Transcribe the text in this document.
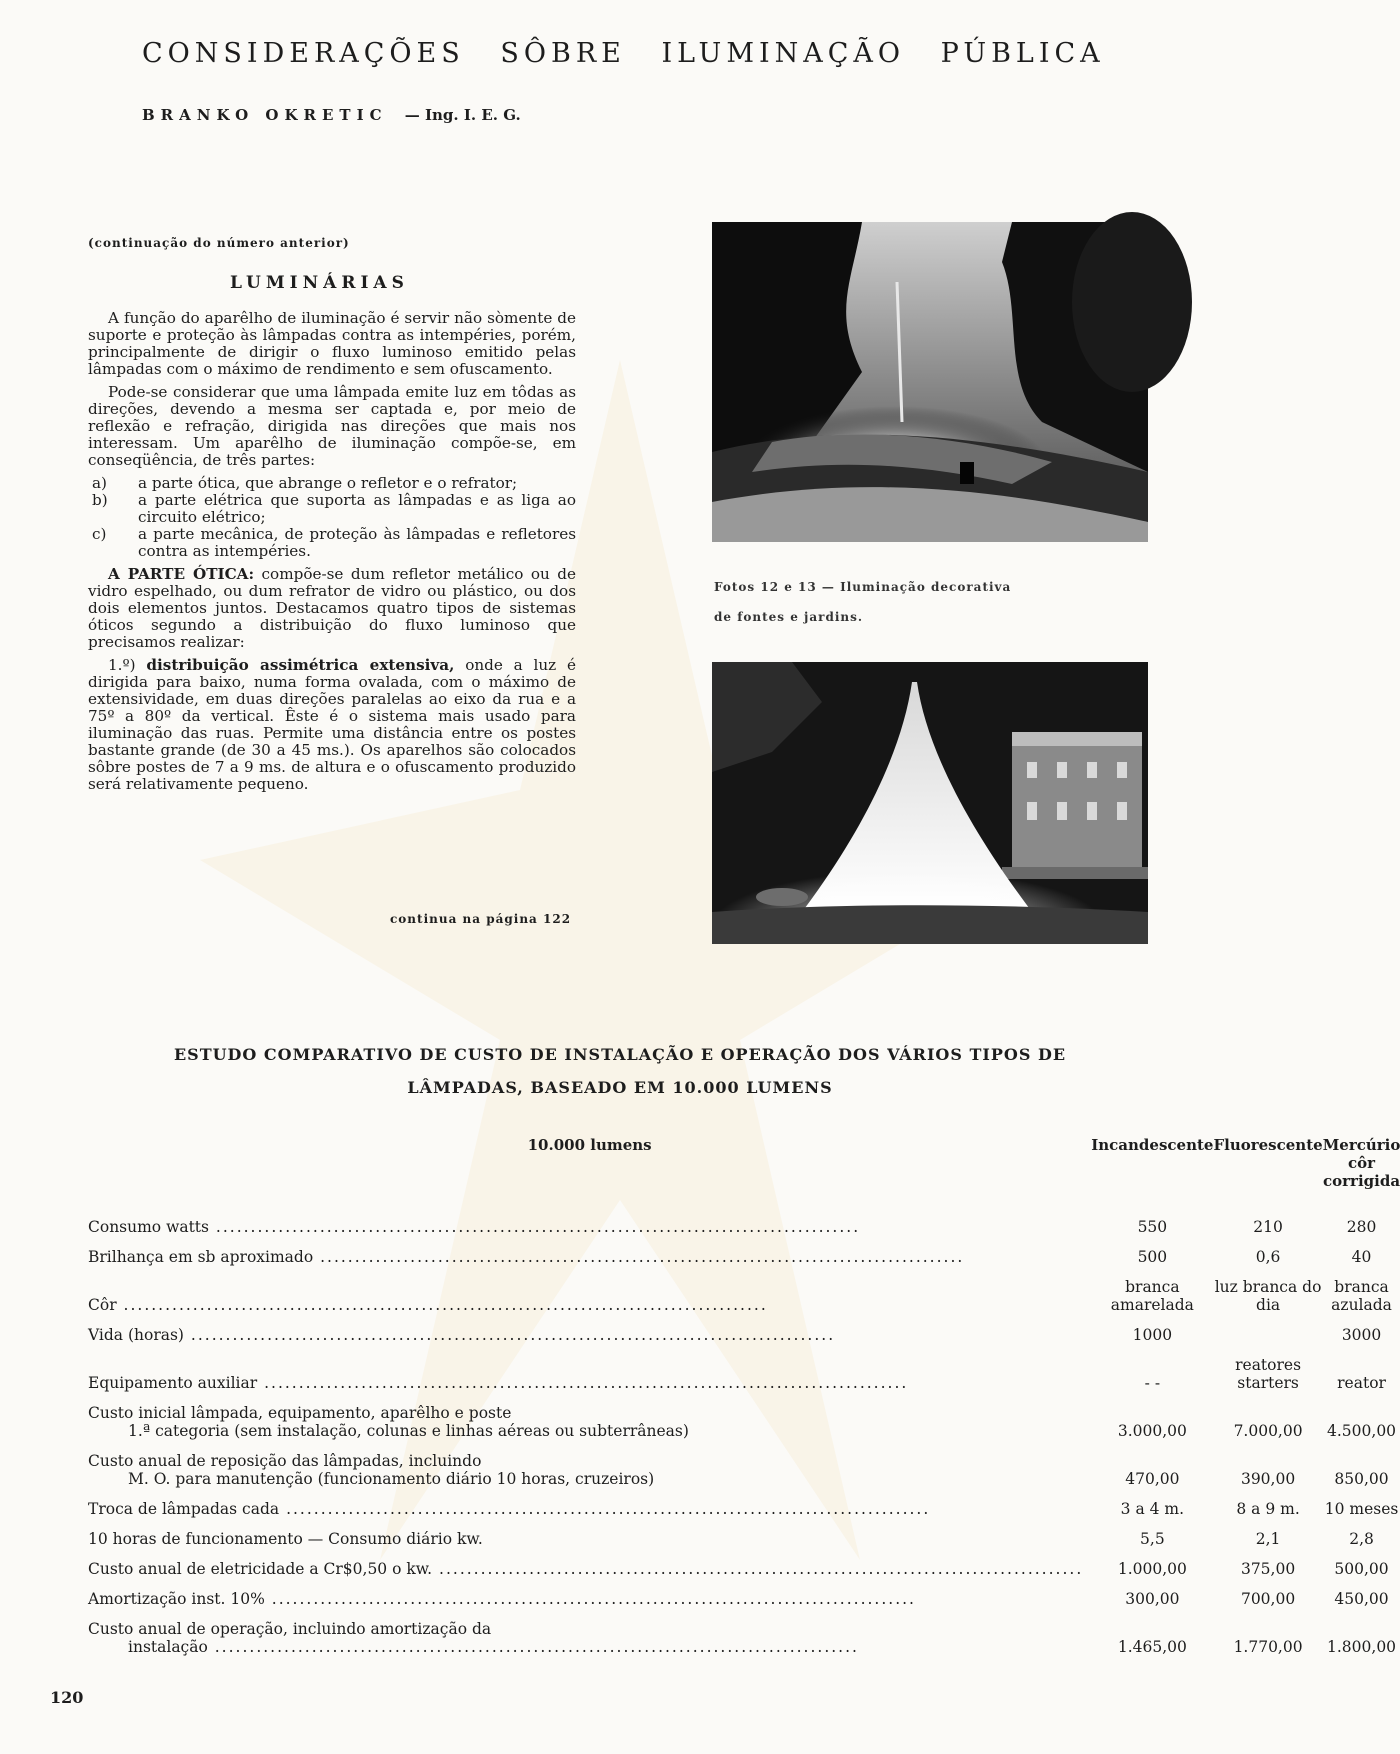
CONSIDERAÇÕES SÔBRE ILUMINAÇÃO PÚBLICA
BRANKO OKRETIC — Ing. I. E. G.
(continuação do número anterior)
LUMINÁRIAS

A função do aparêlho de iluminação é servir não sòmente de suporte e proteção às lâmpadas contra as intempéries, porém, principalmente de dirigir o fluxo luminoso emitido pelas lâmpadas com o máximo de rendimento e sem ofuscamento.

Pode-se considerar que uma lâmpada emite luz em tôdas as direções, devendo a mesma ser captada e, por meio de reflexão e refração, dirigida nas direções que mais nos interessam. Um aparêlho de iluminação compõe-se, em conseqüência, de três partes:

a)	a parte ótica, que abrange o refletor e o refrator;
b)	a parte elétrica que suporta as lâmpadas e as liga ao circuito elétrico;
c)	a parte mecânica, de proteção às lâmpadas e refletores contra as intempéries.

A PARTE ÓTICA: compõe-se dum refletor metálico ou de vidro espelhado, ou dum refrator de vidro ou plástico, ou dos dois elementos juntos. Destacamos quatro tipos de sistemas óticos segundo a distribuição do fluxo luminoso que precisamos realizar:

1.º) distribuição assimétrica extensiva, onde a luz é dirigida para baixo, numa forma ovalada, com o máximo de extensividade, em duas direções paralelas ao eixo da rua e a 75º a 80º da vertical. Êste é o sistema mais usado para iluminação das ruas. Permite uma distância entre os postes bastante grande (de 30 a 45 ms.). Os aparelhos são colocados sôbre postes de 7 a 9 ms. de altura e o ofuscamento produzido será relativamente pequeno.

continua na página 122
Fotos 12 e 13 — Iluminação decorativa
de fontes e jardins.
ESTUDO COMPARATIVO DE CUSTO DE INSTALAÇÃO E OPERAÇÃO DOS VÁRIOS TIPOS DE
LÂMPADAS, BASEADO EM 10.000 LUMENS
10.000 lumens	Incandescente	Fluorescente	Mercúrio
côr corrigida

Consumo watts .....	550	210	280

Brilhança em sb aproximado .....	500	0,6	40

Côr .....	branca amarelada	luz branca do dia	branca azulada

Vida (horas) .....	1000		3000

Equipamento auxiliar .....	- -	reatores starters	reator

Custo inicial lâmpada, equipamento, aparêlho e poste
1.ª categoria (sem instalação, colunas e linhas aéreas ou subterrâneas)	3.000,00	7.000,00	4.500,00

Custo anual de reposição das lâmpadas, incluindo
M. O. para manutenção (funcionamento diário 10 horas, cruzeiros)	470,00	390,00	850,00

Troca de lâmpadas cada .....	3 a 4 m.	8 a 9 m.	10 meses

10 horas de funcionamento — Consumo diário kw.	5,5	2,1	2,8

Custo anual de eletricidade a Cr$0,50 o kw. .....	1.000,00	375,00	500,00

Amortização inst. 10% .....	300,00	700,00	450,00

Custo anual de operação, incluindo amortização da
instalação .....	1.465,00	1.770,00	1.800,00
120
